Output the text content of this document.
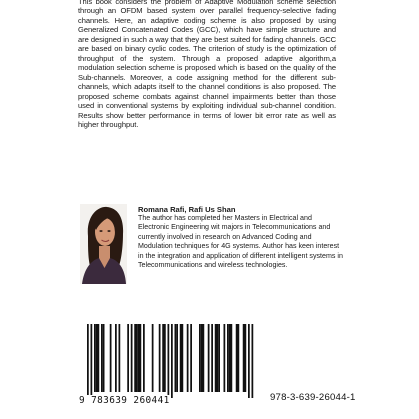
This book considers the problem of Adaptive Modulation scheme selection through an OFDM based system over parallel frequency-selective fading channels. Here, an adaptive coding scheme is also proposed by using Generalized Concatenated Codes (GCC), which have simple structure and are designed in such a way that they are best suited for fading channels. GCC are based on binary cyclic codes. The criterion of study is the optimization of throughput of the system. Through a proposed adaptive algorithm,a modulation selection scheme is proposed which is based on the quality of the Sub-channels. Moreover, a code assigning method for the different sub-channels, which adapts itself to the channel conditions is also proposed. The proposed scheme combats against channel impairments better than those used in conventional systems by exploiting individual sub-channel condition. Results show better performance in terms of lower bit error rate as well as higher throughput.

Romana Rafi, Rafi Us Shan

The author has completed her Masters in Electrical and Electronic Engineering wit majors in Telecommunications and currently involved in research on Advanced Coding and Modulation techniques for 4G systems. Author has keen interest in the integration and application of different intelligent systems in Telecommunications and wireless technologies.

9 783639 260441	978-3-639-26044-1
